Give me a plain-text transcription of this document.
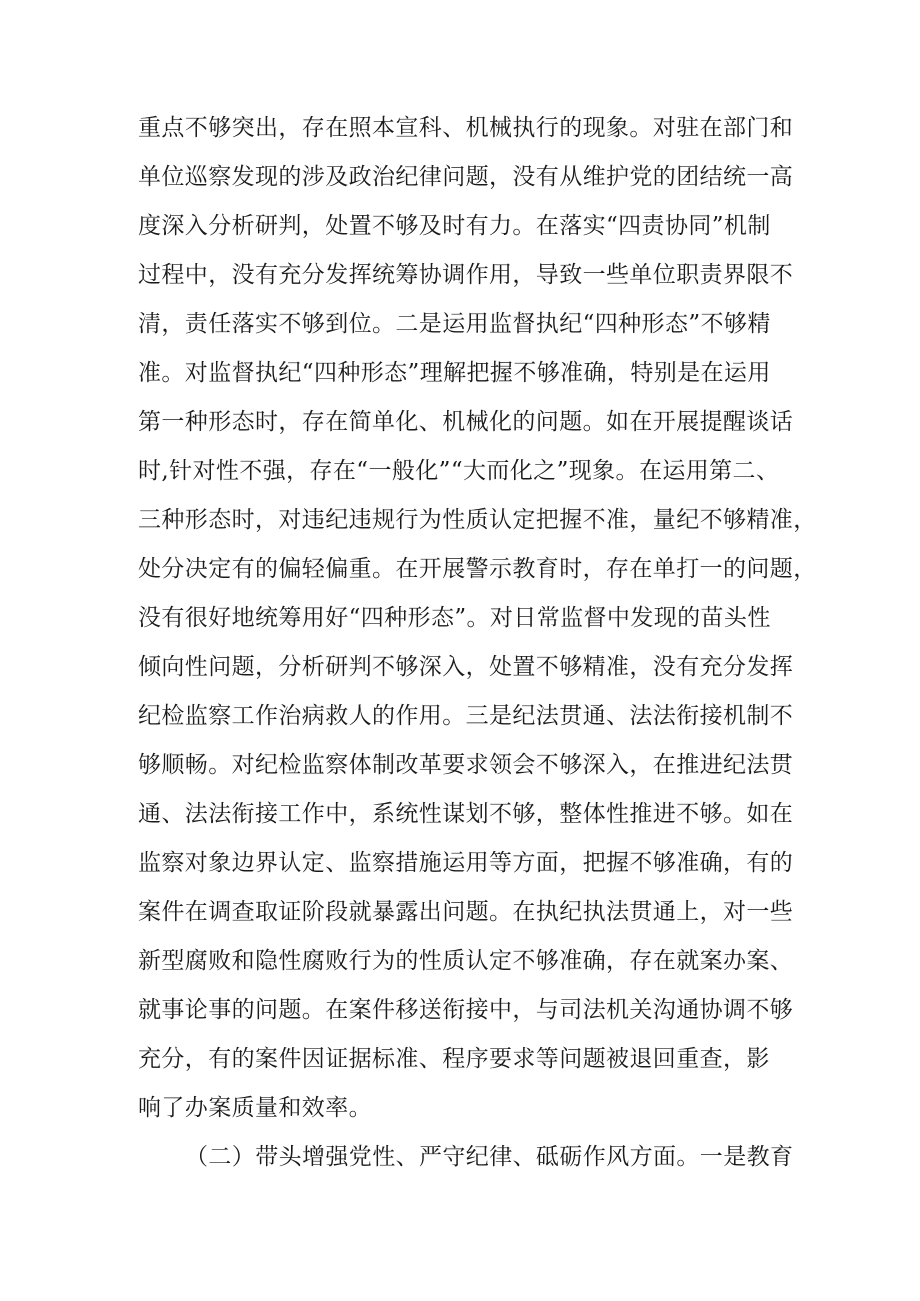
重点不够突出，存在照本宣科、机械执行的现象。对驻在部门和
单位巡察发现的涉及政治纪律问题，没有从维护党的团结统一高
度深入分析研判，处置不够及时有力。在落实“四责协同”机制
过程中，没有充分发挥统筹协调作用，导致一些单位职责界限不
清，责任落实不够到位。二是运用监督执纪“四种形态”不够精
准。对监督执纪“四种形态”理解把握不够准确，特别是在运用
第一种形态时，存在简单化、机械化的问题。如在开展提醒谈话
时,针对性不强，存在“一般化”“大而化之”现象。在运用第二、
三种形态时，对违纪违规行为性质认定把握不准，量纪不够精准，
处分决定有的偏轻偏重。在开展警示教育时，存在单打一的问题，
没有很好地统筹用好“四种形态”。对日常监督中发现的苗头性
倾向性问题，分析研判不够深入，处置不够精准，没有充分发挥
纪检监察工作治病救人的作用。三是纪法贯通、法法衔接机制不
够顺畅。对纪检监察体制改革要求领会不够深入，在推进纪法贯
通、法法衔接工作中，系统性谋划不够，整体性推进不够。如在
监察对象边界认定、监察措施运用等方面，把握不够准确，有的
案件在调查取证阶段就暴露出问题。在执纪执法贯通上，对一些
新型腐败和隐性腐败行为的性质认定不够准确，存在就案办案、
就事论事的问题。在案件移送衔接中，与司法机关沟通协调不够
充分，有的案件因证据标准、程序要求等问题被退回重查，影
响了办案质量和效率。
（二）带头增强党性、严守纪律、砥砺作风方面。一是教育
